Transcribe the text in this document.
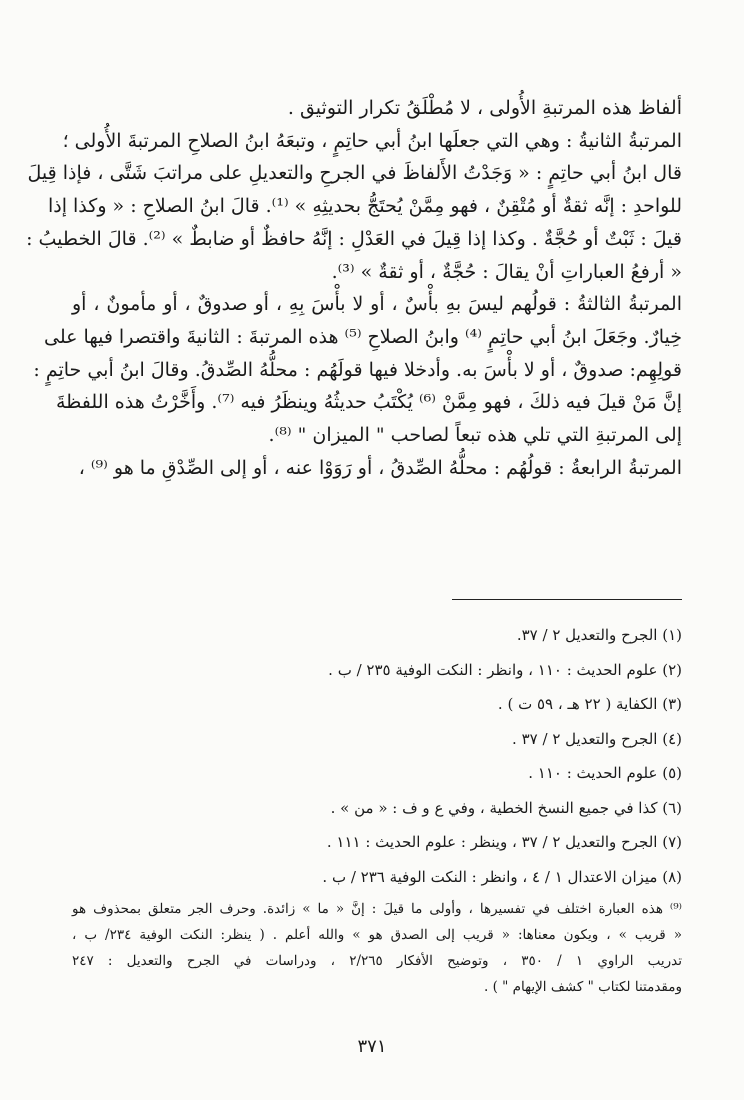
ألفاظ هذه المرتبةِ الأُولى ، لا مُطْلَقُ تكرار التوثيق .

المرتبةُ الثانيةُ : وهي التي جعلَها ابنُ أبي حاتِمٍ ، وتبعَهُ ابنُ الصلاحِ المرتبةَ الأُولى ؛

قال ابنُ أبي حاتِمٍ : « وَجَدْتُ الأَلفاظَ في الجرحِ والتعديلِ على مراتبَ شَتَّى ، فإذا قِيلَ

للواحدِ : إنَّه ثقةٌ أو مُتْقِنٌ ، فهو مِمَّنْ يُحتَجُّ بحديثِهِ » ⁽¹⁾. قالَ ابنُ الصلاحِ : « وكذا إذا

قيلَ : ثَبْتٌ أو حُجَّةٌ . وكذا إذا قِيلَ في العَدْلِ : إنَّهُ حافظٌ أو ضابطٌ » ⁽²⁾. قالَ الخطيبُ :

« أرفعُ العباراتِ أنْ يقالَ : حُجَّةٌ ، أو ثقةٌ » ⁽³⁾.

المرتبةُ الثالثةُ : قولُهم ليسَ بهِ بأْسٌ ، أو لا بأْسَ بِهِ ، أو صدوقٌ ، أو مأمونٌ ، أو

خِيارٌ. وجَعَلَ ابنُ أبي حاتِمٍ ⁽⁴⁾ وابنُ الصلاحِ ⁽⁵⁾ هذه المرتبةَ : الثانيةَ واقتصرا فيها على

قولِهِم: صدوقٌ ، أو لا بأْسَ به. وأدخلا فيها قولَهُم : محلُّهُ الصِّدقُ. وقالَ ابنُ أبي حاتِمٍ :

إنَّ مَنْ قيلَ فيه ذلكَ ، فهو مِمَّنْ ⁽⁶⁾ يُكْتَبُ حديثُهُ وينظَرُ فيه ⁽⁷⁾. وأَخَّرْتُ هذه اللفظةَ

إلى المرتبةِ التي تلي هذه تبعاً لصاحب " الميزان " ⁽⁸⁾.

المرتبةُ الرابعةُ : قولُهُم : محلُّهُ الصِّدقُ ، أو رَوَوْا عنه ، أو إلى الصِّدْقِ ما هو ⁽⁹⁾ ،

(١) الجرح والتعديل ٢ / ٣٧.

(٢) علوم الحديث : ١١٠ ، وانظر : النكت الوفية ٢٣٥ / ب .

(٣) الكفاية ( ٢٢ هـ ، ٥٩ ت ) .

(٤) الجرح والتعديل ٢ / ٣٧ .

(٥) علوم الحديث : ١١٠ .

(٦) كذا في جميع النسخ الخطية ، وفي ع و ف : « من » .

(٧) الجرح والتعديل ٢ / ٣٧ ، وينظر : علوم الحديث : ١١١ .

(٨) ميزان الاعتدال ١ / ٤ ، وانظر : النكت الوفية ٢٣٦ / ب .

⁽⁹⁾ هذه العبارة اختلف في تفسيرها ، وأولى ما قيلَ : إنَّ « ما » زائدة. وحرف الجر متعلق بمحذوف هو

« قريب » ، ويكون معناها: « قريب إلى الصدق هو » والله أعلم . ( ينظر: النكت الوفية ٢٣٤/ ب ،

تدريب الراوي ١ / ٣٥٠ ، وتوضيح الأفكار ٢/٢٦٥ ، ودراسات في الجرح والتعديل : ٢٤٧

ومقدمتنا لكتاب " كشف الإيهام " ) .

٣٧١
